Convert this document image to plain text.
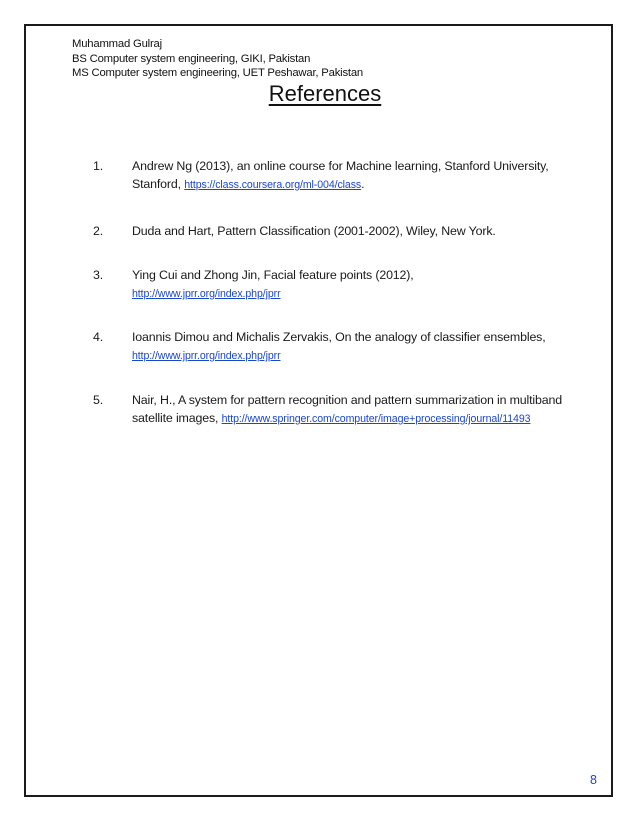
Muhammad Gulraj
BS Computer system engineering, GIKI, Pakistan
MS Computer system engineering, UET Peshawar, Pakistan
References
1. Andrew Ng (2013), an online course for Machine learning, Stanford University,
Stanford, https://class.coursera.org/ml-004/class.
2. Duda and Hart, Pattern Classification (2001-2002), Wiley, New York.
3. Ying Cui and Zhong Jin, Facial feature points (2012),
http://www.jprr.org/index.php/jprr
4. Ioannis Dimou and Michalis Zervakis, On the analogy of classifier ensembles,
http://www.jprr.org/index.php/jprr
5. Nair, H., A system for pattern recognition and pattern summarization in multiband
satellite images, http://www.springer.com/computer/image+processing/journal/11493
8
